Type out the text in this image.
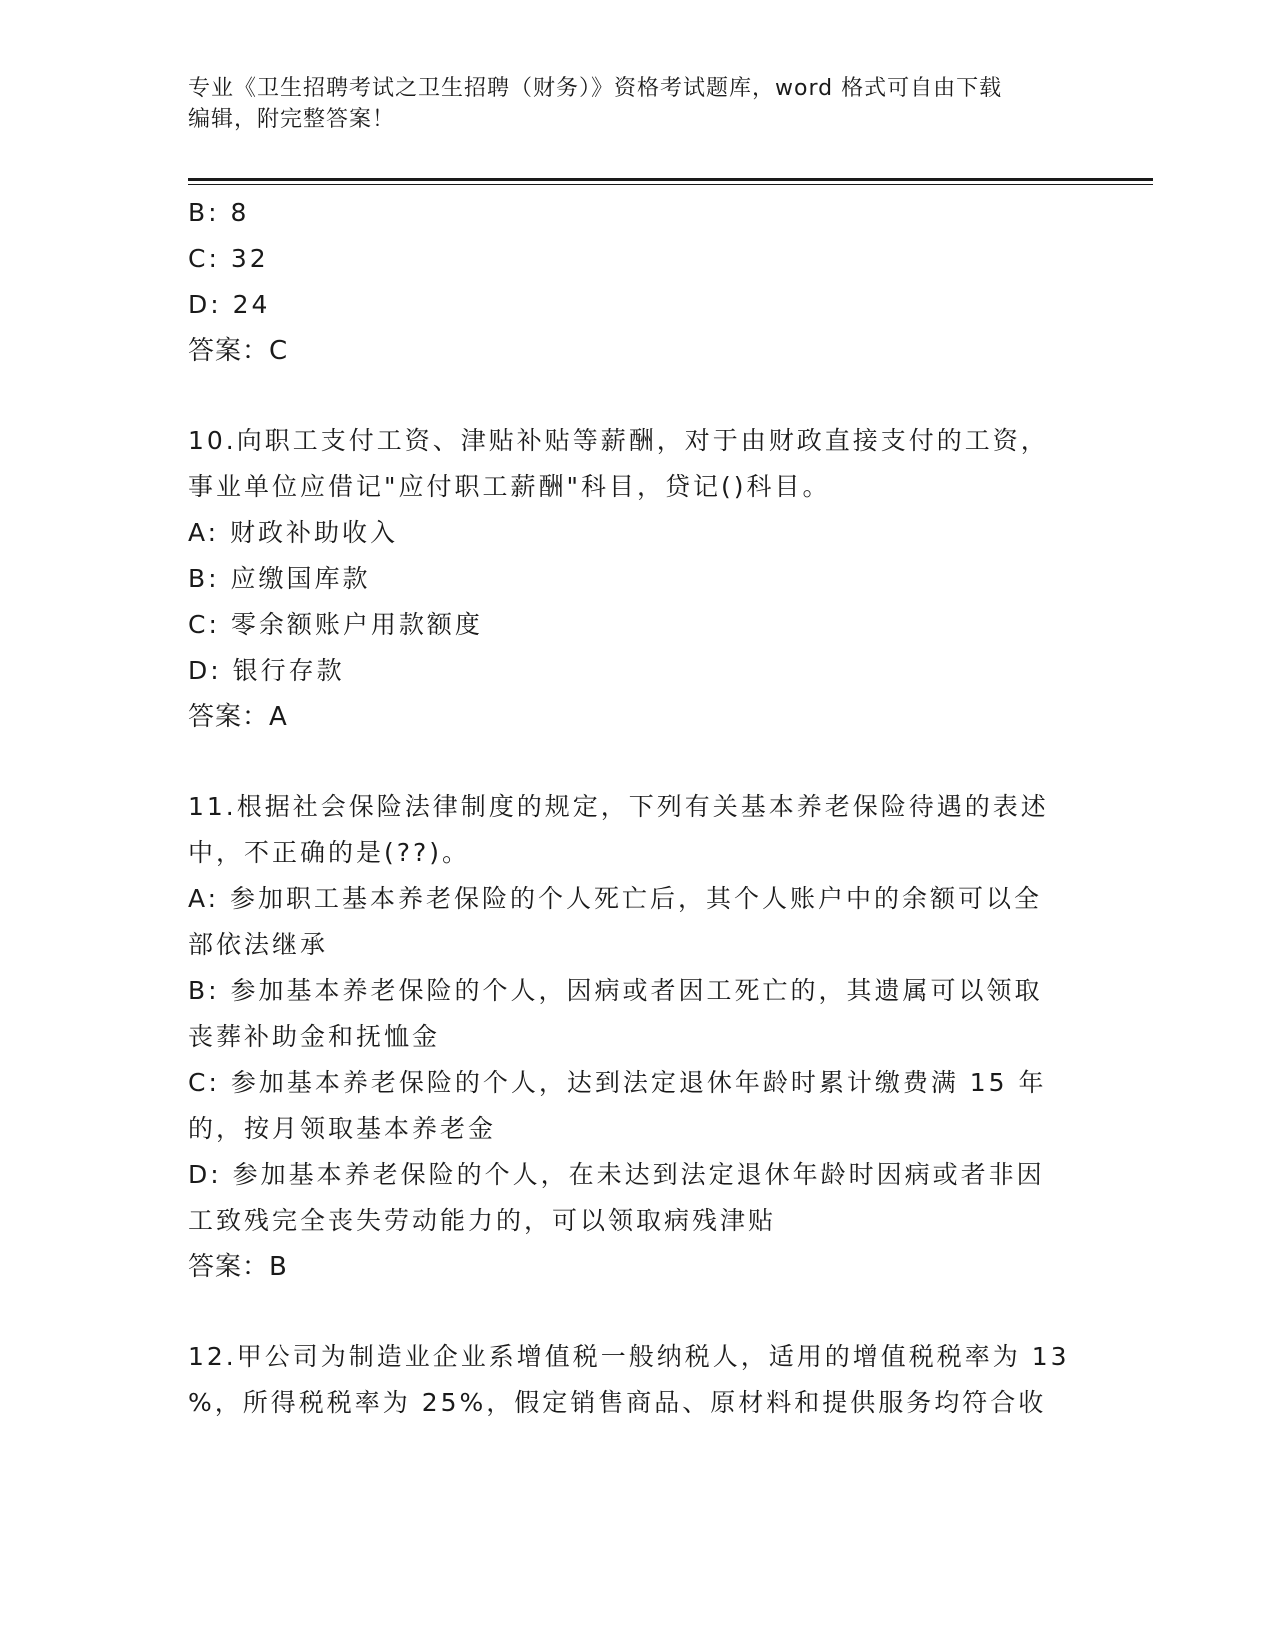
专业《卫生招聘考试之卫生招聘（财务）》资格考试题库，word 格式可自由下载
编辑，附完整答案！
B: 8
C: 32
D: 24
答案：C
10.向职工支付工资、津贴补贴等薪酬，对于由财政直接支付的工资，
事业单位应借记"应付职工薪酬"科目，贷记()科目。
A: 财政补助收入
B: 应缴国库款
C: 零余额账户用款额度
D: 银行存款
答案：A
11.根据社会保险法律制度的规定，下列有关基本养老保险待遇的表述
中，不正确的是(??)。
A: 参加职工基本养老保险的个人死亡后，其个人账户中的余额可以全
部依法继承
B: 参加基本养老保险的个人，因病或者因工死亡的，其遗属可以领取
丧葬补助金和抚恤金
C: 参加基本养老保险的个人，达到法定退休年龄时累计缴费满 15 年
的，按月领取基本养老金
D: 参加基本养老保险的个人，在未达到法定退休年龄时因病或者非因
工致残完全丧失劳动能力的，可以领取病残津贴
答案：B
12.甲公司为制造业企业系增值税一般纳税人，适用的增值税税率为 13
%，所得税税率为 25%，假定销售商品、原材料和提供服务均符合收
